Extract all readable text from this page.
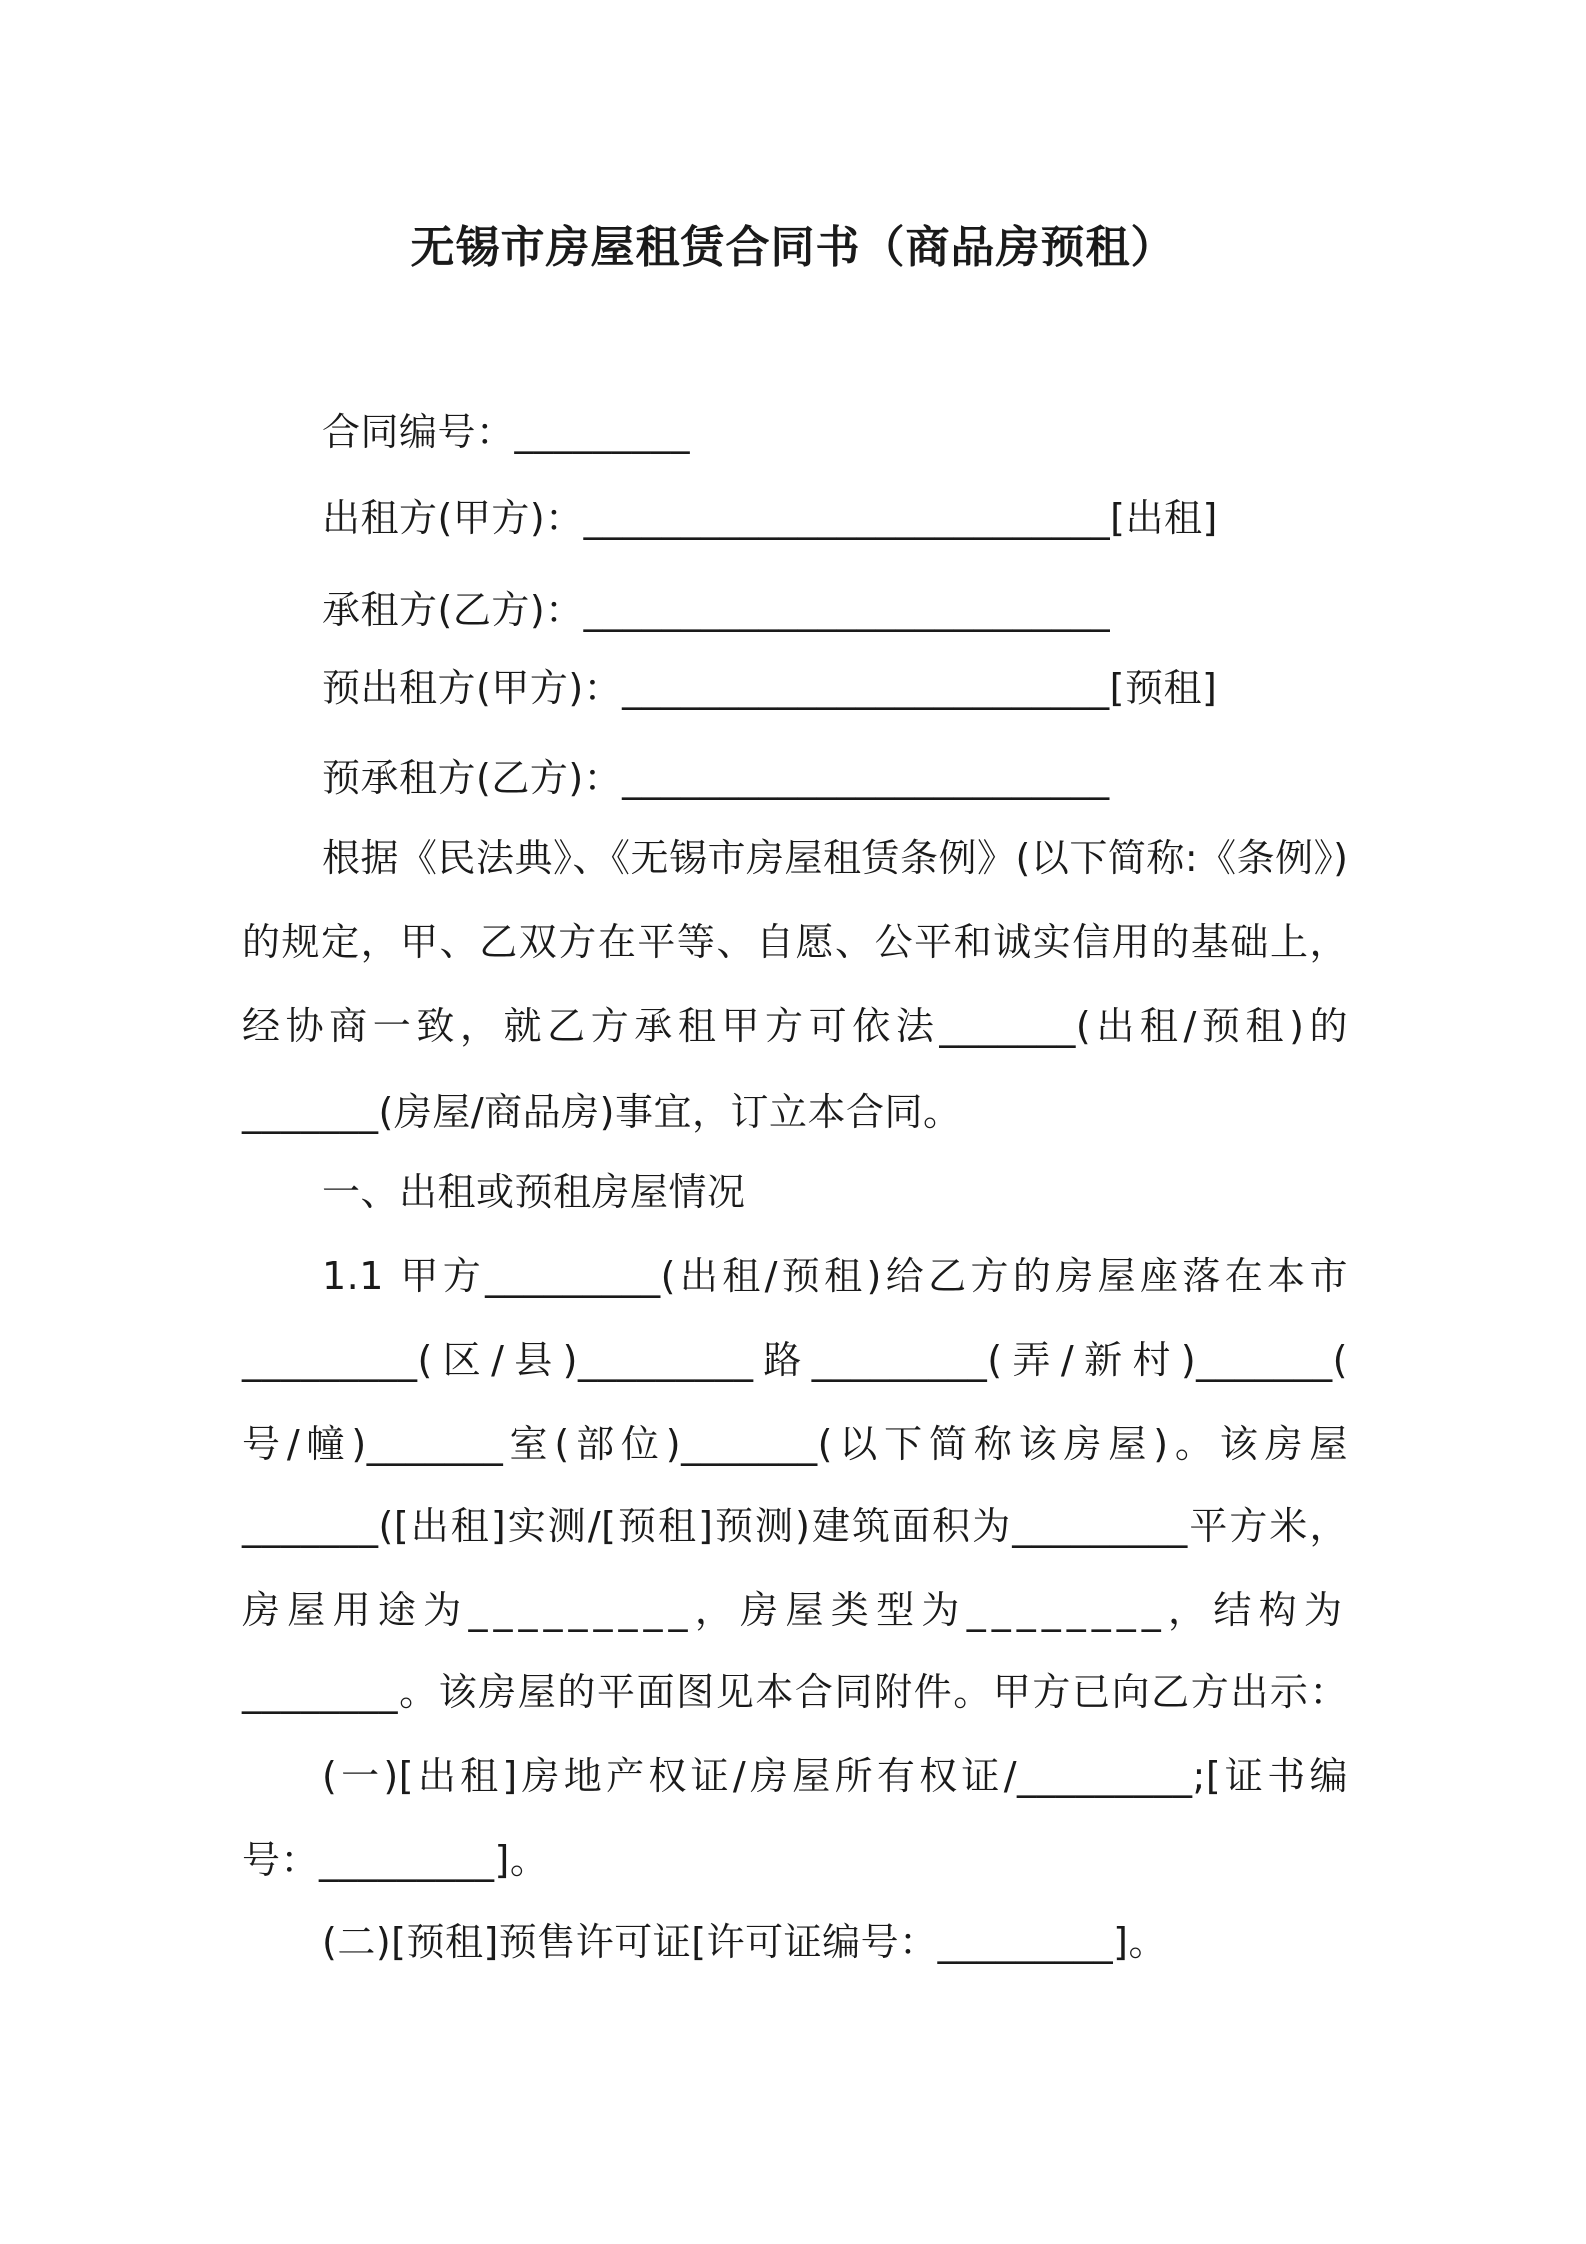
无锡市房屋租赁合同书（商品房预租）
合同编号：_________
出租方(甲方)：___________________________[出租]
承租方(乙方)：___________________________
预出租方(甲方)：_________________________[预租]
预承租方(乙方)：_________________________
根据《民法典》、《无锡市房屋租赁条例》(以下简称:《条例》)
的规定，甲、乙双方在平等、自愿、公平和诚实信用的基础上，
经协商一致，就乙方承租甲方可依法_______(出租/预租)的
_______(房屋/商品房)事宜，订立本合同。
一、出租或预租房屋情况
1.1 甲方_________(出租/预租)给乙方的房屋座落在本市
_________(区/县)_________路_________(弄/新村)_______(
号/幢)_______室(部位)_______(以下简称该房屋)。该房屋
_______([出租]实测/[预租]预测)建筑面积为_________平方米，
房屋用途为_________，房屋类型为________，结构为
________。该房屋的平面图见本合同附件。甲方已向乙方出示：
(一)[出租]房地产权证/房屋所有权证/_________;[证书编
号：_________]。
(二)[预租]预售许可证[许可证编号：_________]。
